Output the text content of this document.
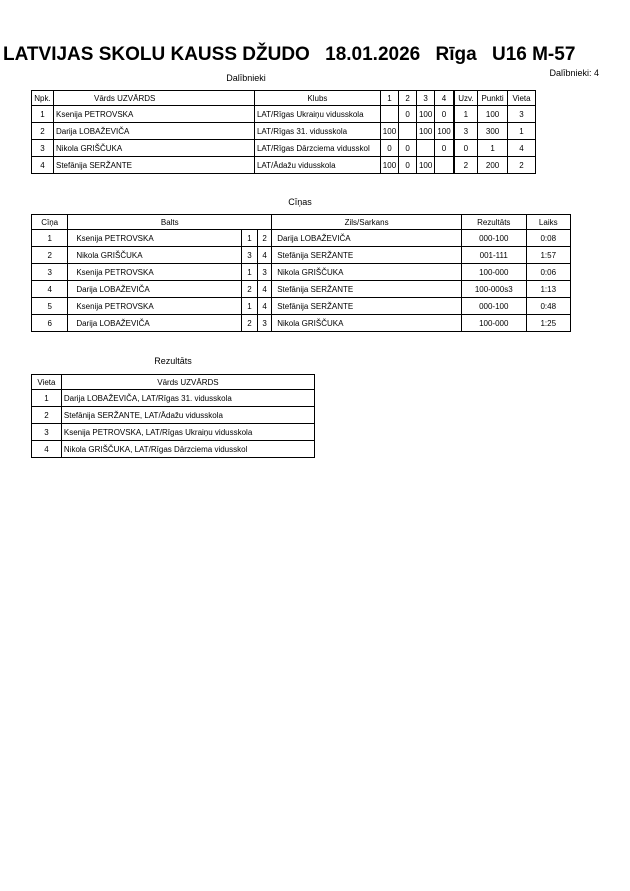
LATVIJAS SKOLU KAUSS DŽUDO 18.01.2026 Rīga U16 M-57
Dalībnieki: 4
Dalībnieki
Npk.	Vārds UZVĀRDS	Klubs	1	2	3	4	Uzv.	Punkti	Vieta
1	Ksenija PETROVSKA	LAT/Rīgas Ukraiņu vidusskola		0	100	0	1	100	3
2	Darija LOBAŽEVIČA	LAT/Rīgas 31. vidusskola	100		100	100	3	300	1
3	Nikola GRIŠČUKA	LAT/Rīgas Dārzciema vidusskol	0	0		0	0	1	4
4	Stefānija SERŽANTE	LAT/Ādažu vidusskola	100	0	100		2	200	2
Cīņas
Cīņa	Balts			Zils/Sarkans	Rezultāts	Laiks
1	Ksenija PETROVSKA	1	2	Darija LOBAŽEVIČA	000-100	0:08
2	Nikola GRIŠČUKA	3	4	Stefānija SERŽANTE	001-111	1:57
3	Ksenija PETROVSKA	1	3	Nikola GRIŠČUKA	100-000	0:06
4	Darija LOBAŽEVIČA	2	4	Stefānija SERŽANTE	100-000s3	1:13
5	Ksenija PETROVSKA	1	4	Stefānija SERŽANTE	000-100	0:48
6	Darija LOBAŽEVIČA	2	3	Nikola GRIŠČUKA	100-000	1:25
Rezultāts
Vieta	Vārds UZVĀRDS
1	Darija LOBAŽEVIČA, LAT/Rīgas 31. vidusskola
2	Stefānija SERŽANTE, LAT/Ādažu vidusskola
3	Ksenija PETROVSKA, LAT/Rīgas Ukraiņu vidusskola
4	Nikola GRIŠČUKA, LAT/Rīgas Dārzciema vidusskol
